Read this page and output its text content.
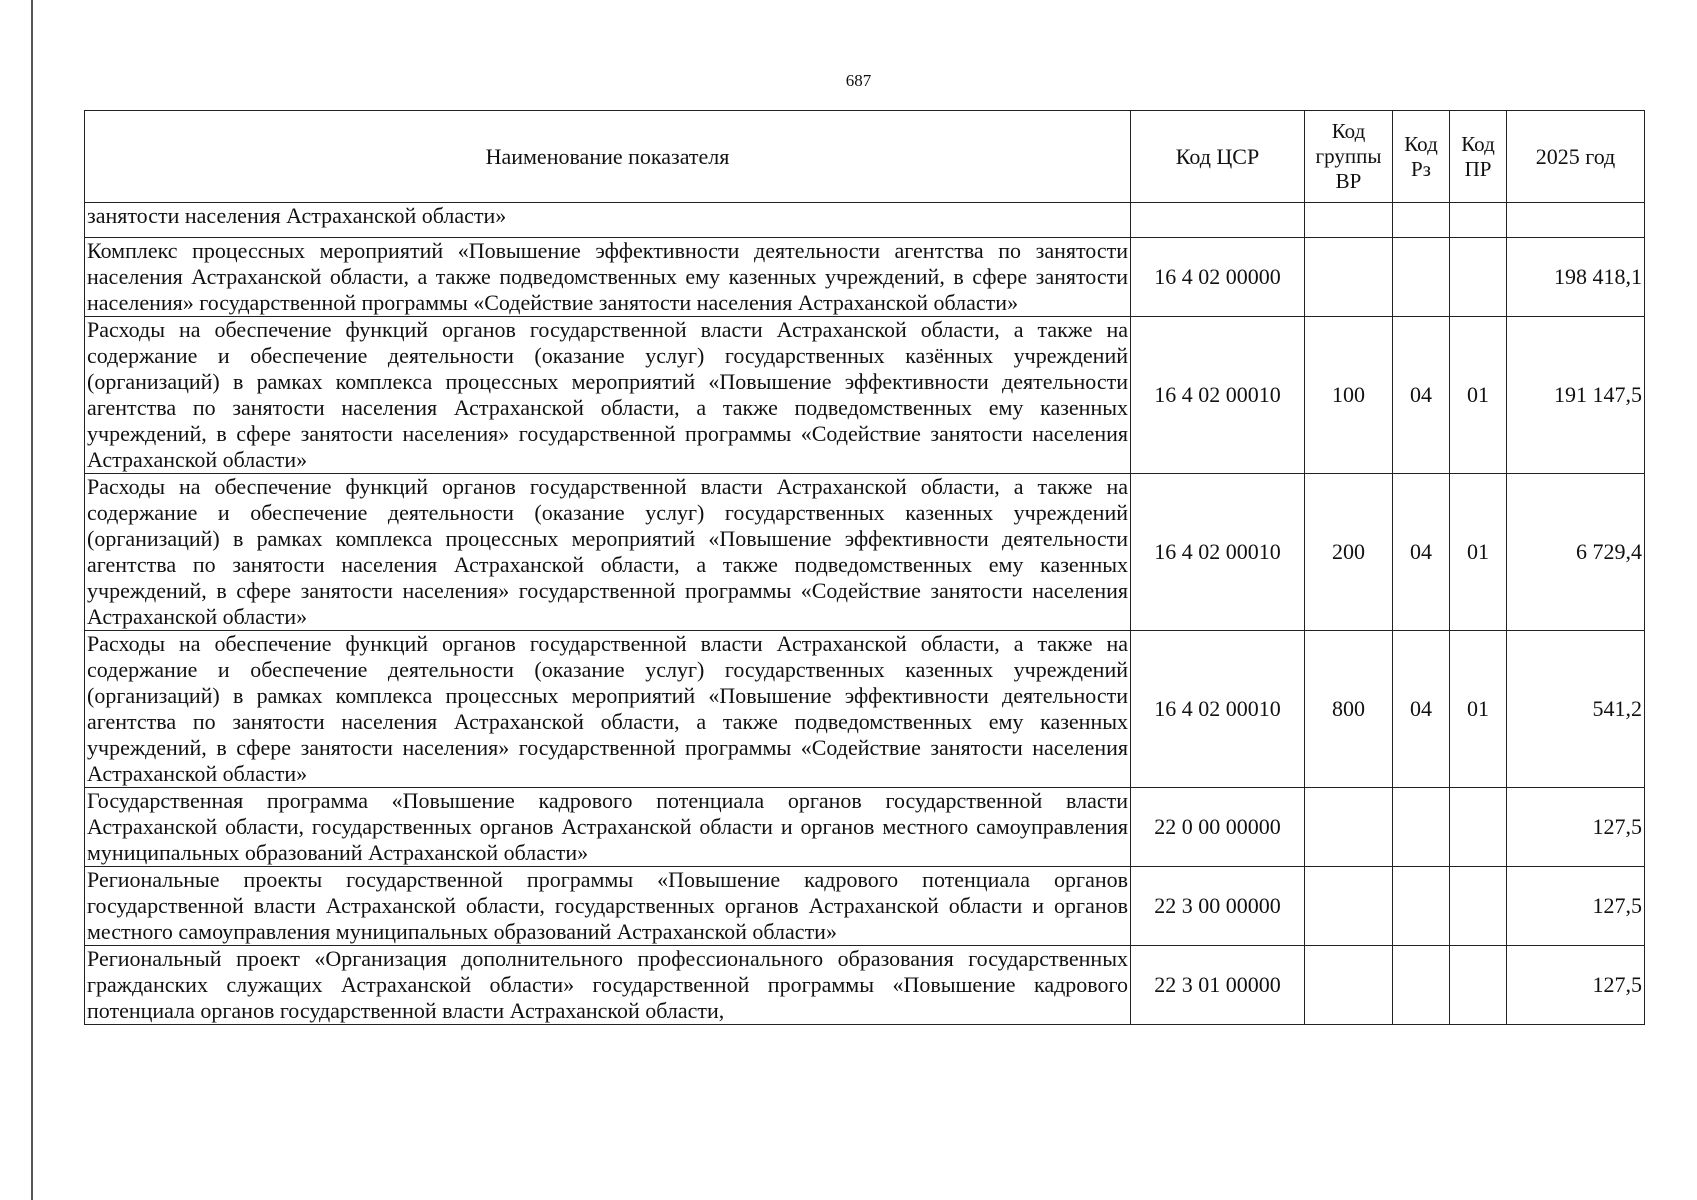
687
Наименование показателя	Код ЦСР	Код группы ВР	Код Рз	Код ПР	2025 год
занятости населения Астраханской области»					
Комплекс процессных мероприятий «Повышение эффективности деятельности агентства по занятости населения Астраханской области, а также подведомственных ему казенных учреждений, в сфере занятости населения» государственной программы «Содействие занятости населения Астраханской области»	16 4 02 00000				198 418,1
Расходы на обеспечение функций органов государственной власти Астраханской области, а также на содержание и обеспечение деятельности (оказание услуг) государственных казённых учреждений (организаций) в рамках комплекса процессных мероприятий «Повышение эффективности деятельности агентства по занятости населения Астраханской области, а также подведомственных ему казенных учреждений, в сфере занятости населения» государственной программы «Содействие занятости населения Астраханской области»	16 4 02 00010	100	04	01	191 147,5
Расходы на обеспечение функций органов государственной власти Астраханской области, а также на содержание и обеспечение деятельности (оказание услуг) государственных казенных учреждений (организаций) в рамках комплекса процессных мероприятий «Повышение эффективности деятельности агентства по занятости населения Астраханской области, а также подведомственных ему казенных учреждений, в сфере занятости населения» государственной программы «Содействие занятости населения Астраханской области»	16 4 02 00010	200	04	01	6 729,4
Расходы на обеспечение функций органов государственной власти Астраханской области, а также на содержание и обеспечение деятельности (оказание услуг) государственных казенных учреждений (организаций) в рамках комплекса процессных мероприятий «Повышение эффективности деятельности агентства по занятости населения Астраханской области, а также подведомственных ему казенных учреждений, в сфере занятости населения» государственной программы «Содействие занятости населения Астраханской области»	16 4 02 00010	800	04	01	541,2
Государственная программа «Повышение кадрового потенциала органов государственной власти Астраханской области, государственных органов Астраханской области и органов местного самоуправления муниципальных образований Астраханской области»	22 0 00 00000				127,5
Региональные проекты государственной программы «Повышение кадрового потенциала органов государственной власти Астраханской области, государственных органов Астраханской области и органов местного самоуправления муниципальных образований Астраханской области»	22 3 00 00000				127,5
Региональный проект «Организация дополнительного профессионального образования государственных гражданских служащих Астраханской области» государственной программы «Повышение кадрового потенциала органов государственной власти Астраханской области,	22 3 01 00000				127,5
